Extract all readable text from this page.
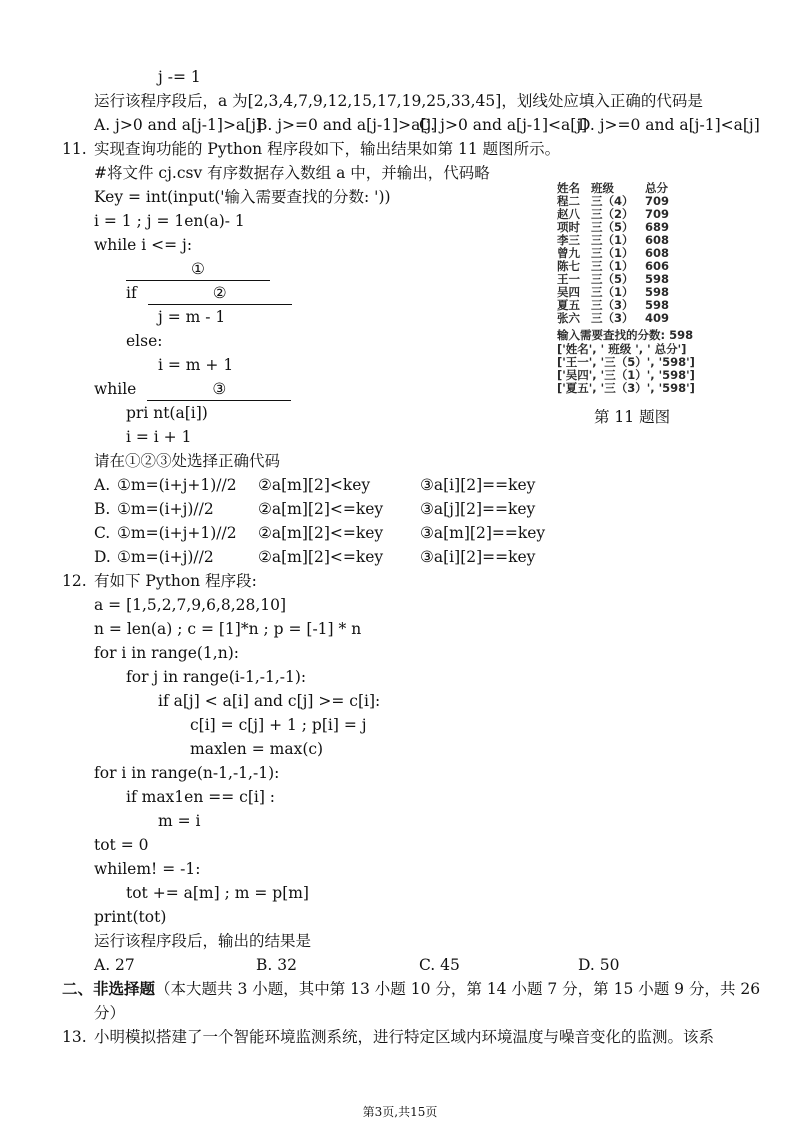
j -= 1
运行该程序段后，a 为[2,3,4,7,9,12,15,17,19,25,33,45]，划线处应填入正确的代码是
A. j>0 and a[j-1]>a[j]
B. j>=0 and a[j-1]>a[j]
C. j>0 and a[j-1]<a[j]
D. j>=0 and a[j-1]<a[j]
11. 实现查询功能的 Python 程序段如下，输出结果如第 11 题图所示。
#将文件 cj.csv 有序数据存入数组 a 中，并输出，代码略
Key = int(input('输入需要查找的分数: '))
i = 1 ; j = 1en(a)- 1
while i <= j:
①
if	②
j = m - 1
else:
i = m + 1
while	③
pri nt(a[i])
i = i + 1
请在①②③处选择正确代码
A. ①m=(i+j+1)//2 ②a[m][2]<key	③a[i][2]==key
B. ①m=(i+j)//2	②a[m][2]<=key ③a[j][2]==key
C. ①m=(i+j+1)//2 ②a[m][2]<=key ③a[m][2]==key
D. ①m=(i+j)//2	②a[m][2]<=key ③a[i][2]==key
姓名 班级	总分
程二 三（4） 709
赵八 三（2） 709
项时 三（5） 689
李三 三（1） 608
曾九 三（1） 608
陈七 三（1） 606
王一 三（5） 598
吴四 三（1） 598
夏五 三（3） 598
张六 三（3） 409
输入需要查找的分数: 598
['姓名', ' 班级 ', ' 总分']
['王一', '三（5）', '598']
['吴四', '三（1）', '598']
['夏五', '三（3）', '598']
第 11 题图
12. 有如下 Python 程序段:
a = [1,5,2,7,9,6,8,28,10]
n = len(a) ; c = [1]*n ; p = [-1] * n
for i in range(1,n):
for j in range(i-1,-1,-1):
if a[j] < a[i] and c[j] >= c[i]:
c[i] = c[j] + 1 ; p[i] = j
maxlen = max(c)
for i in range(n-1,-1,-1):
if max1en == c[i] :
m = i
tot = 0
whilem! = -1:
tot += a[m] ; m = p[m]
print(tot)
运行该程序段后，输出的结果是
A. 27	B. 32	C. 45	D. 50
二、非选择题（本大题共 3 小题，其中第 13 小题 10 分，第 14 小题 7 分，第 15 小题 9 分，共 26
分）
13. 小明模拟搭建了一个智能环境监测系统，进行特定区域内环境温度与噪音变化的监测。该系
第3页,共15页
